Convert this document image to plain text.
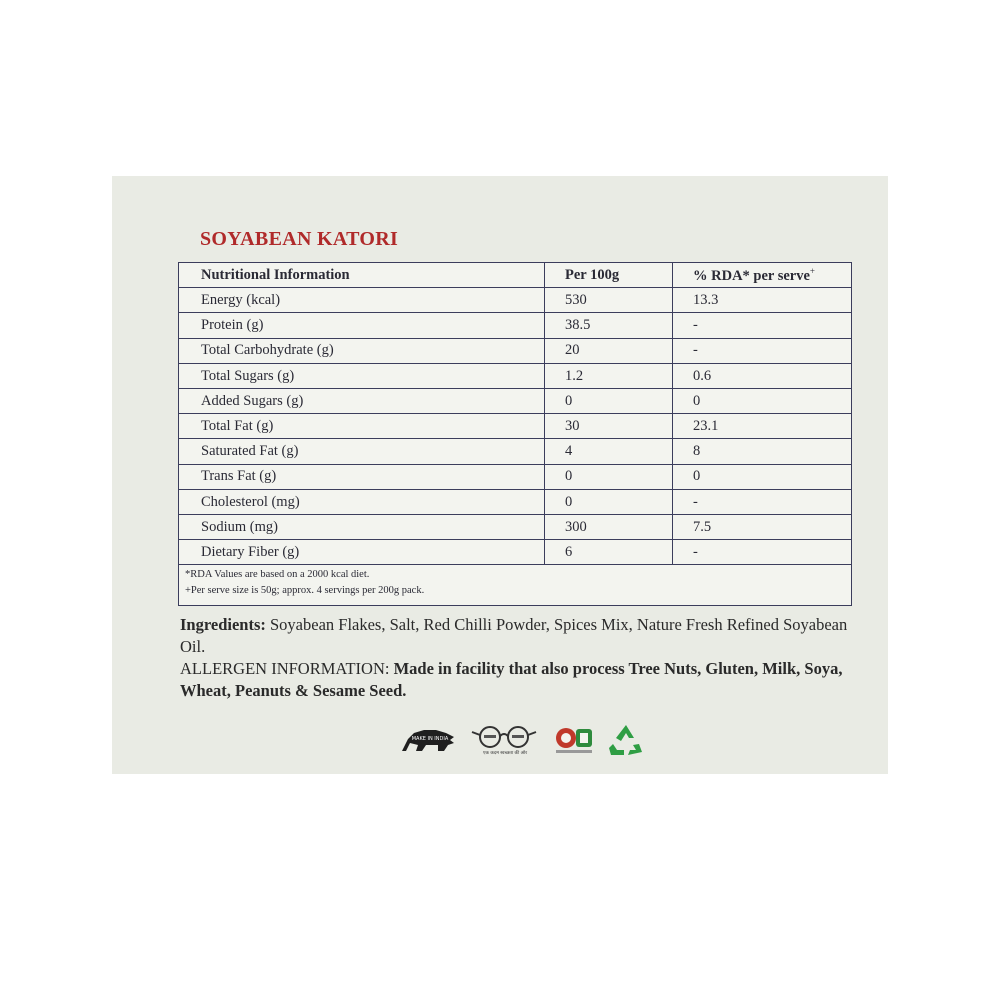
SOYABEAN KATORI
Nutritional Information	Per 100g	% RDA* per serve+
Energy (kcal)	530	13.3
Protein (g)	38.5	-
Total Carbohydrate (g)	20	-
Total Sugars (g)	1.2	0.6
Added Sugars (g)	0	0
Total Fat (g)	30	23.1
Saturated Fat (g)	4	8
Trans Fat (g)	0	0
Cholesterol (mg)	0	-
Sodium (mg)	300	7.5
Dietary Fiber (g)	6	-

*RDA Values are based on a 2000 kcal diet.
+Per serve size is 50g; approx. 4 servings per 200g pack.		
Ingredients: Soyabean Flakes, Salt, Red Chilli Powder, Spices Mix, Nature Fresh Refined Soyabean Oil.
ALLERGEN INFORMATION: Made in facility that also process Tree Nuts, Gluten, Milk, Soya, Wheat, Peanuts & Sesame Seed.
MAKE IN INDIA
एक कदम स्वच्छता की ओर
